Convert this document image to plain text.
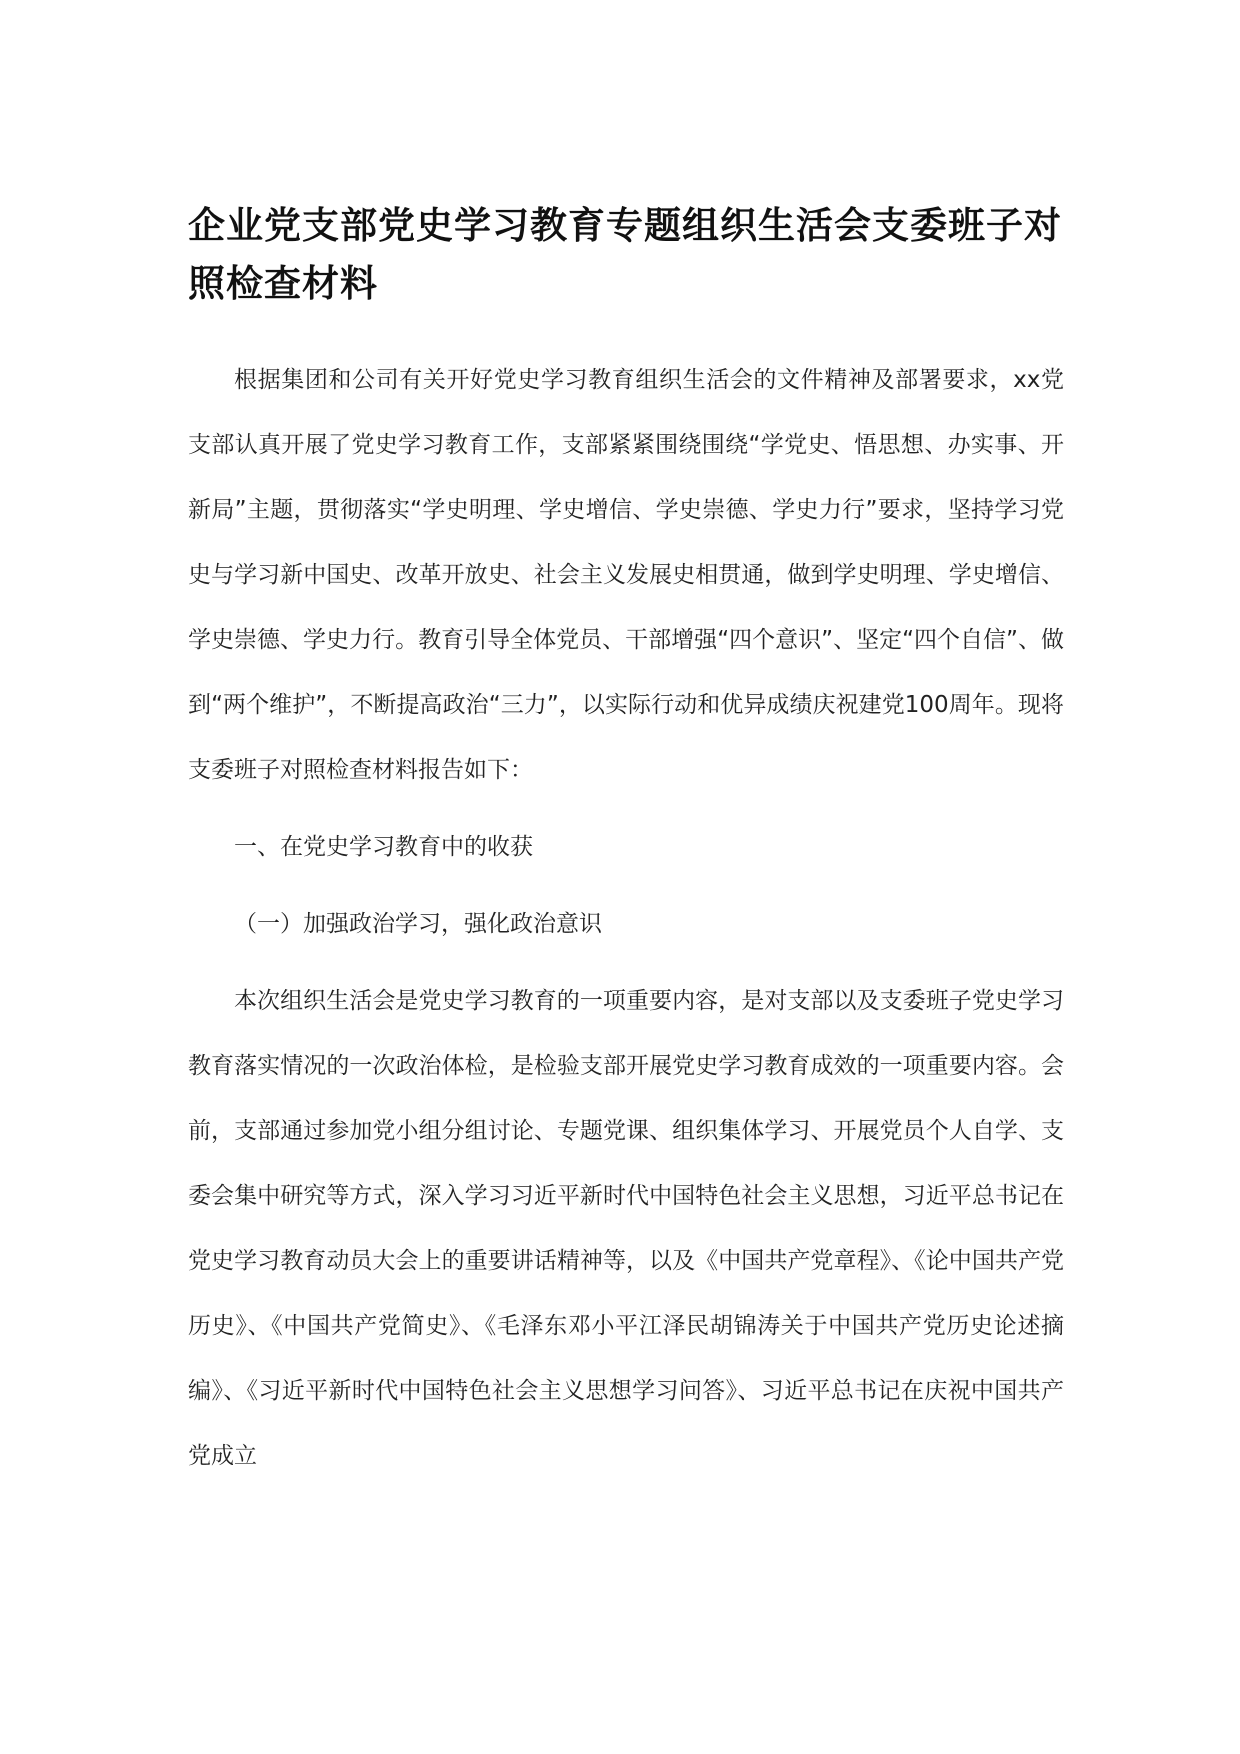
企业党支部党史学习教育专题组织生活会支委班子对照检查材料

根据集团和公司有关开好党史学习教育组织生活会的文件精神及部署要求，xx党支部认真开展了党史学习教育工作，支部紧紧围绕围绕“学党史、悟思想、办实事、开新局”主题，贯彻落实“学史明理、学史增信、学史崇德、学史力行”要求，坚持学习党史与学习新中国史、改革开放史、社会主义发展史相贯通，做到学史明理、学史增信、学史崇德、学史力行。教育引导全体党员、干部增强“四个意识”、坚定“四个自信”、做到“两个维护”，不断提高政治“三力”，以实际行动和优异成绩庆祝建党100周年。现将支委班子对照检查材料报告如下：

一、在党史学习教育中的收获

（一）加强政治学习，强化政治意识

本次组织生活会是党史学习教育的一项重要内容，是对支部以及支委班子党史学习教育落实情况的一次政治体检，是检验支部开展党史学习教育成效的一项重要内容。会前，支部通过参加党小组分组讨论、专题党课、组织集体学习、开展党员个人自学、支委会集中研究等方式，深入学习习近平新时代中国特色社会主义思想，习近平总书记在党史学习教育动员大会上的重要讲话精神等，以及《中国共产党章程》、《论中国共产党历史》、《中国共产党简史》、《毛泽东邓小平江泽民胡锦涛关于中国共产党历史论述摘编》、《习近平新时代中国特色社会主义思想学习问答》、习近平总书记在庆祝中国共产党成立
